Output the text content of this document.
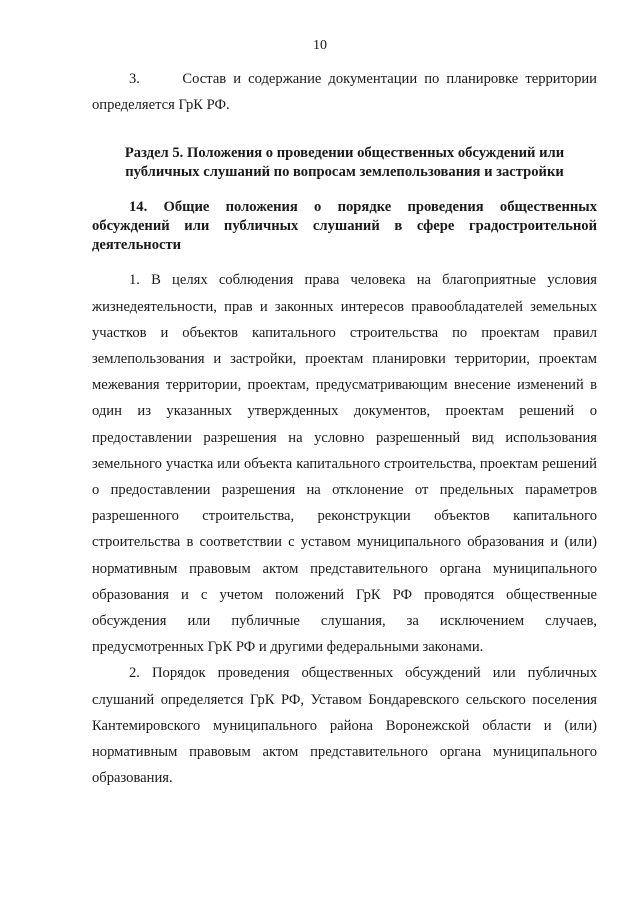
10

3.      Состав и содержание документации по планировке территории определяется ГрК РФ.

Раздел 5. Положения о проведении общественных обсуждений или публичных слушаний по вопросам землепользования и застройки
14. Общие положения о порядке проведения общественных обсуждений или публичных слушаний в сфере градостроительной деятельности

1. В целях соблюдения права человека на благоприятные условия жизнедеятельности, прав и законных интересов правообладателей земельных участков и объектов капитального строительства по проектам правил землепользования и застройки, проектам планировки территории, проектам межевания территории, проектам, предусматривающим внесение изменений в один из указанных утвержденных документов, проектам решений о предоставлении разрешения на условно разрешенный вид использования земельного участка или объекта капитального строительства, проектам решений о предоставлении разрешения на отклонение от предельных параметров разрешенного строительства, реконструкции объектов капитального строительства в соответствии с уставом муниципального образования и (или) нормативным правовым актом представительного органа муниципального образования и с учетом положений ГрК РФ проводятся общественные обсуждения или публичные слушания, за исключением случаев, предусмотренных ГрК РФ и другими федеральными законами.

2. Порядок проведения общественных обсуждений или публичных слушаний определяется ГрК РФ, Уставом Бондаревского сельского поселения Кантемировского муниципального района Воронежской области и (или) нормативным правовым актом представительного органа муниципального образования.
